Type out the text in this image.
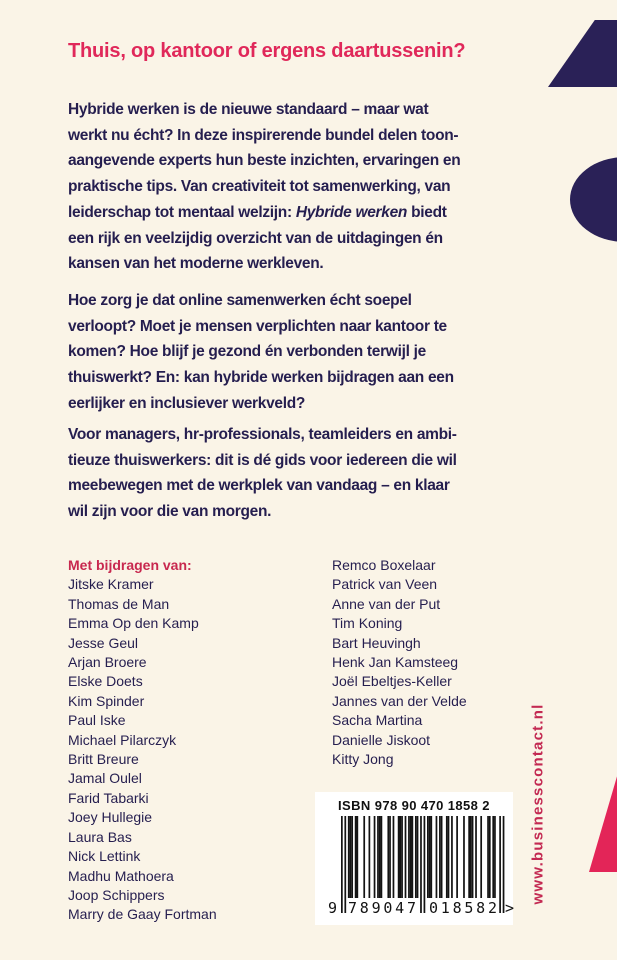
Thuis, op kantoor of ergens daartussenin?
Hybride werken is de nieuwe standaard – maar wat
werkt nu écht? In deze inspirerende bundel delen toon-
aangevende experts hun beste inzichten, ervaringen en
praktische tips. Van creativiteit tot samenwerking, van
leiderschap tot mentaal welzijn: Hybride werken biedt
een rijk en veelzijdig overzicht van de uitdagingen én
kansen van het moderne werkleven.
Hoe zorg je dat online samenwerken écht soepel
verloopt? Moet je mensen verplichten naar kantoor te
komen? Hoe blijf je gezond én verbonden terwijl je
thuiswerkt? En: kan hybride werken bijdragen aan een
eerlijker en inclusiever werkveld?
Voor managers, hr-professionals, teamleiders en ambi-
tieuze thuiswerkers: dit is dé gids voor iedereen die wil
meebewegen met de werkplek van vandaag – en klaar
wil zijn voor die van morgen.
Met bijdragen van:
Jitske Kramer
Thomas de Man
Emma Op den Kamp
Jesse Geul
Arjan Broere
Elske Doets
Kim Spinder
Paul Iske
Michael Pilarczyk
Britt Breure
Jamal Oulel
Farid Tabarki
Joey Hullegie
Laura Bas
Nick Lettink
Madhu Mathoera
Joop Schippers
Marry de Gaay Fortman
Remco Boxelaar
Patrick van Veen
Anne van der Put
Tim Koning
Bart Heuvingh
Henk Jan Kamsteeg
Joël Ebeltjes-Keller
Jannes van der Velde
Sacha Martina
Danielle Jiskoot
Kitty Jong
ISBN 978 90 470 1858 2
9 789047 018582 >
www.businesscontact.nl
